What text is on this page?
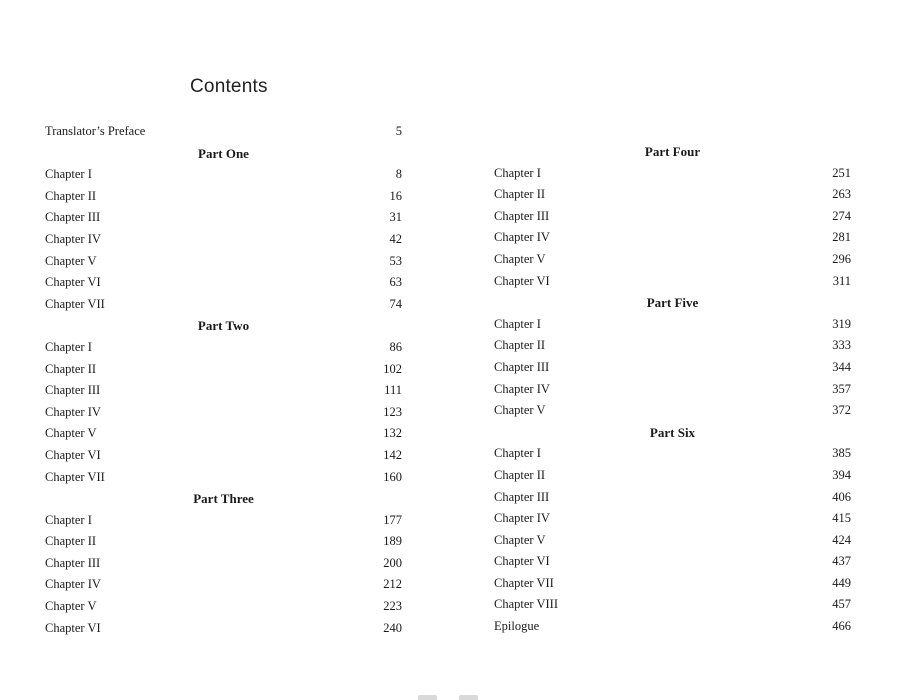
Contents
Translator’s Preface	5
Part One
Chapter I	8
Chapter II	16
Chapter III	31
Chapter IV	42
Chapter V	53
Chapter VI	63
Chapter VII	74
Part Two
Chapter I	86
Chapter II	102
Chapter III	111
Chapter IV	123
Chapter V	132
Chapter VI	142
Chapter VII	160
Part Three
Chapter I	177
Chapter II	189
Chapter III	200
Chapter IV	212
Chapter V	223
Chapter VI	240
Part Four
Chapter I	251
Chapter II	263
Chapter III	274
Chapter IV	281
Chapter V	296
Chapter VI	311
Part Five
Chapter I	319
Chapter II	333
Chapter III	344
Chapter IV	357
Chapter V	372
Part Six
Chapter I	385
Chapter II	394
Chapter III	406
Chapter IV	415
Chapter V	424
Chapter VI	437
Chapter VII	449
Chapter VIII	457
Epilogue	466
